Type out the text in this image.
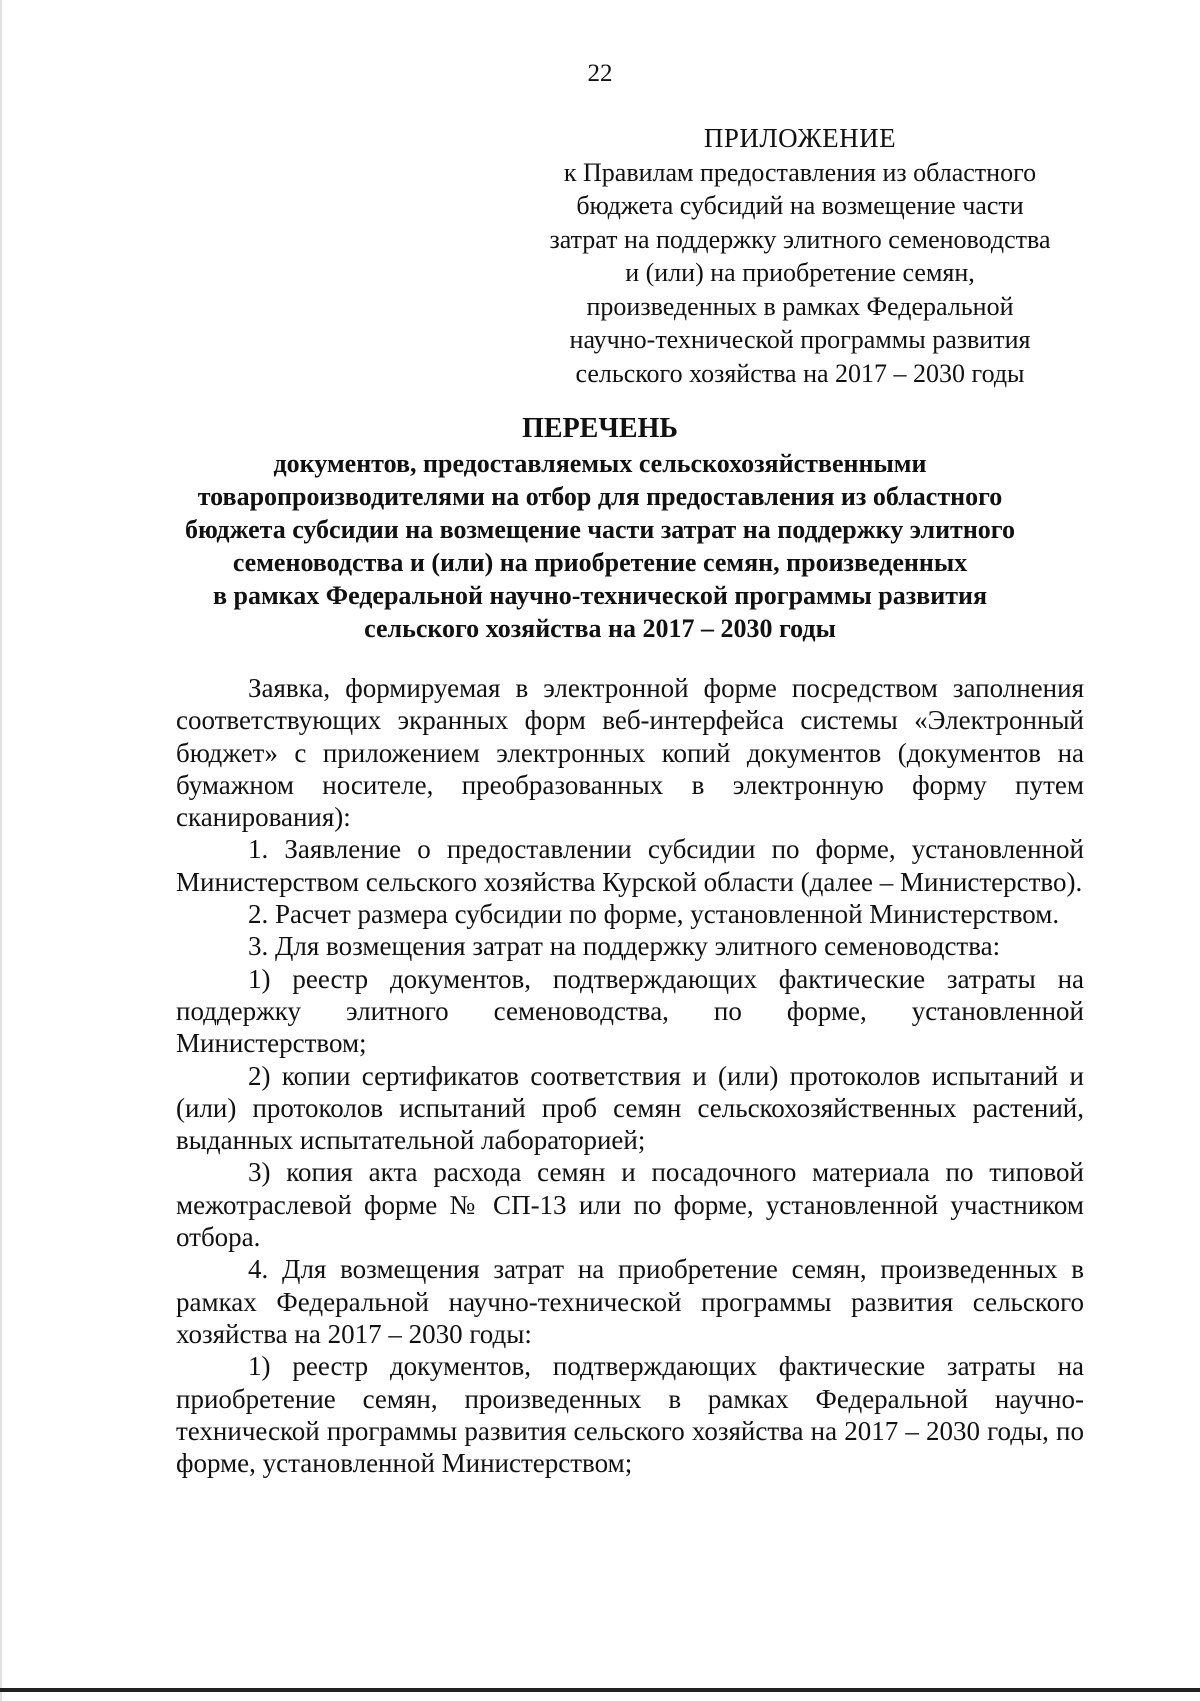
22
ПРИЛОЖЕНИЕ
к Правилам предоставления из областного
бюджета субсидий на возмещение части
затрат на поддержку элитного семеноводства
и (или) на приобретение семян,
произведенных в рамках Федеральной
научно-технической программы развития
сельского хозяйства на 2017 – 2030 годы
ПЕРЕЧЕНЬ
документов, предоставляемых сельскохозяйственными
товаропроизводителями на отбор для предоставления из областного
бюджета субсидии на возмещение части затрат на поддержку элитного
семеноводства и (или) на приобретение семян, произведенных
в рамках Федеральной научно-технической программы развития
сельского хозяйства на 2017 – 2030 годы

Заявка, формируемая в электронной форме посредством заполнения соответствующих экранных форм веб-интерфейса системы «Электронный бюджет» с приложением электронных копий документов (документов на бумажном носителе, преобразованных в электронную форму путем сканирования):

1. Заявление о предоставлении субсидии по форме, установленной Министерством сельского хозяйства Курской области (далее – Министерство).

2. Расчет размера субсидии по форме, установленной Министерством.

3. Для возмещения затрат на поддержку элитного семеноводства:

1) реестр документов, подтверждающих фактические затраты на поддержку элитного семеноводства, по форме, установленной Министерством;

2) копии сертификатов соответствия и (или) протоколов испытаний и (или) протоколов испытаний проб семян сельскохозяйственных растений, выданных испытательной лабораторией;

3) копия акта расхода семян и посадочного материала по типовой межотраслевой форме № СП-13 или по форме, установленной участником отбора.

4. Для возмещения затрат на приобретение семян, произведенных в рамках Федеральной научно-технической программы развития сельского хозяйства на 2017 – 2030 годы:

1) реестр документов, подтверждающих фактические затраты на приобретение семян, произведенных в рамках Федеральной научно-технической программы развития сельского хозяйства на 2017 – 2030 годы, по форме, установленной Министерством;
